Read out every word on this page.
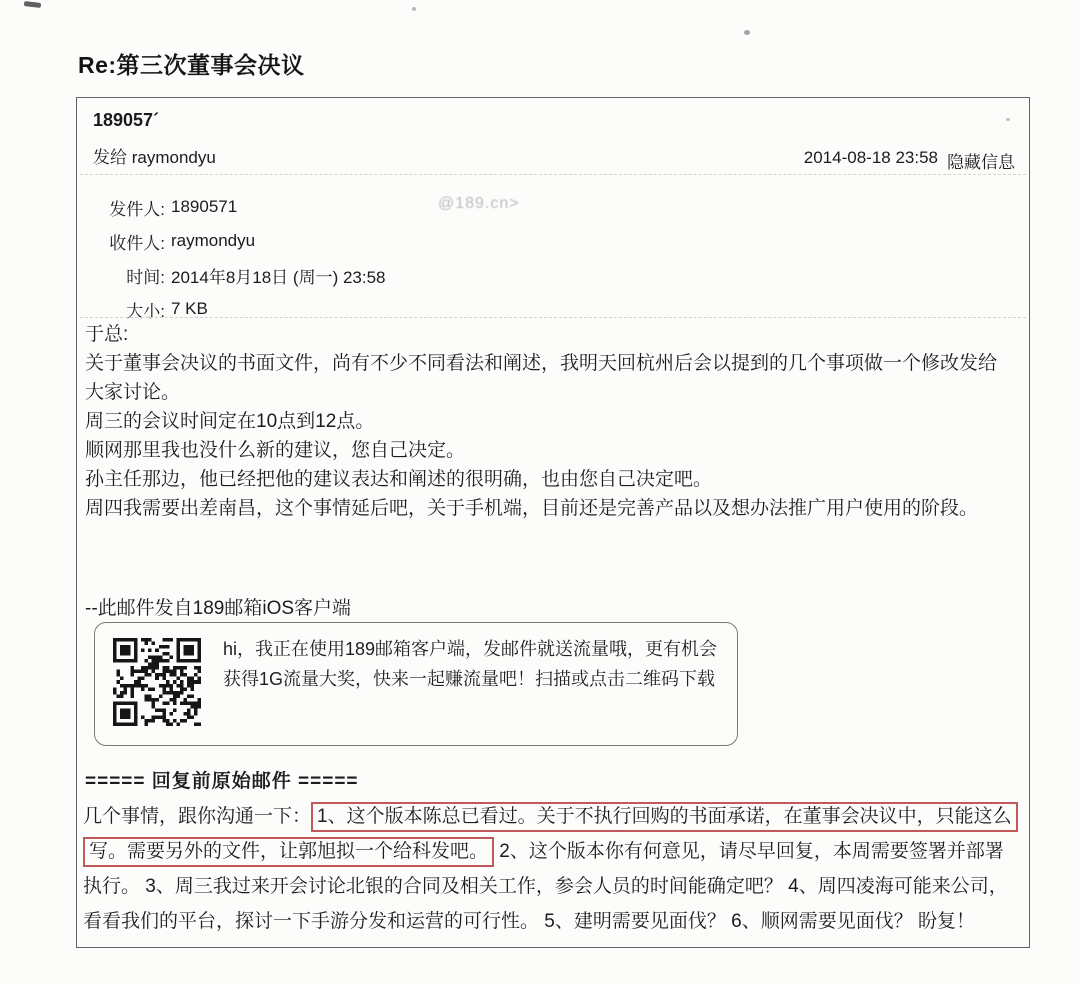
Re:第三次董事会决议
189057´
发给 raymondyu	2014-08-18 23:58 隐藏信息
发件人: 1890571	@189.cn>
收件人: raymondyu
时间: 2014年8月18日 (周一) 23:58
大小: 7 KB

于总:

关于董事会决议的书面文件，尚有不少不同看法和阐述，我明天回杭州后会以提到的几个事项做一个修改发给大家讨论。

周三的会议时间定在10点到12点。

顺网那里我也没什么新的建议，您自己决定。

孙主任那边，他已经把他的建议表达和阐述的很明确，也由您自己决定吧。

周四我需要出差南昌，这个事情延后吧，关于手机端，目前还是完善产品以及想办法推广用户使用的阶段。

--此邮件发自189邮箱iOS客户端
hi，我正在使用189邮箱客户端，发邮件就送流量哦，更有机会获得1G流量大奖，快来一起赚流量吧！扫描或点击二维码下载
===== 回复前原始邮件 =====

几个事情，跟你沟通一下： 1、这个版本陈总已看过。关于不执行回购的书面承诺，在董事会决议中，只能这么写。需要另外的文件，让郭旭拟一个给科发吧。 2、这个版本你有何意见，请尽早回复，本周需要签署并部署执行。 3、周三我过来开会讨论北银的合同及相关工作，参会人员的时间能确定吧？ 4、周四凌海可能来公司，看看我们的平台，探讨一下手游分发和运营的可行性。 5、建明需要见面伐？ 6、顺网需要见面伐？ 盼复！
